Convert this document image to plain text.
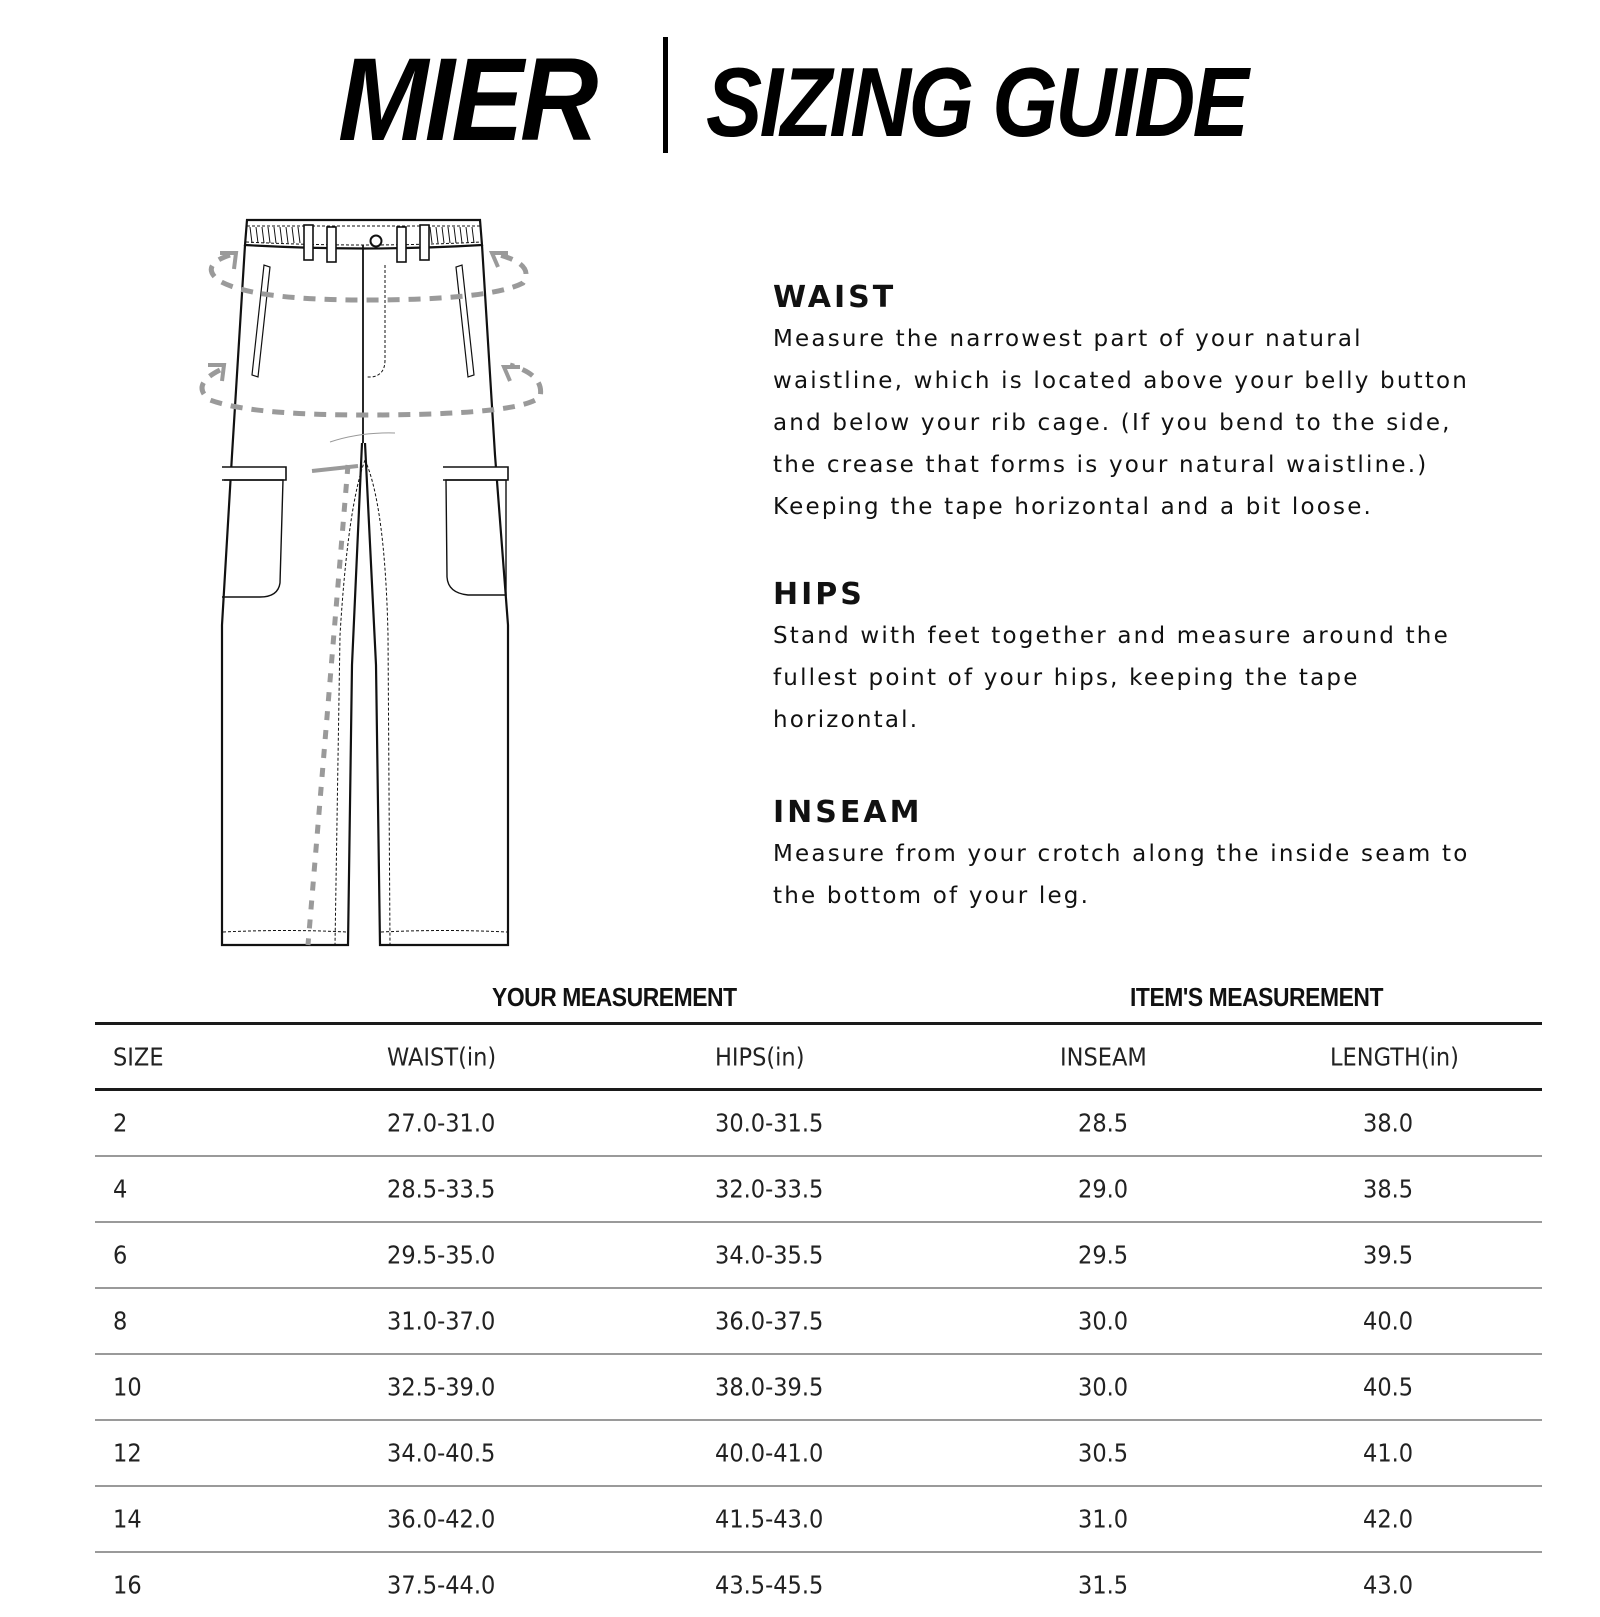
MIER SIZING GUIDE
WAIST

Measure the narrowest part of your natural

waistline, which is located above your belly button

and below your rib cage. (If you bend to the side,

the crease that forms is your natural waistline.)

Keeping the tape horizontal and a bit loose.

HIPS

Stand with feet together and measure around the

fullest point of your hips, keeping the tape

horizontal.

INSEAM

Measure from your crotch along the inside seam to

the bottom of your leg.

YOUR MEASUREMENT	ITEM'S MEASUREMENT
SIZE	WAIST(in)	HIPS(in)	INSEAM	LENGTH(in)
2	27.0-31.0	30.0-31.5	28.5	38.0
4	28.5-33.5	32.0-33.5	29.0	38.5
6	29.5-35.0	34.0-35.5	29.5	39.5
8	31.0-37.0	36.0-37.5	30.0	40.0
10	32.5-39.0	38.0-39.5	30.0	40.5
12	34.0-40.5	40.0-41.0	30.5	41.0
14	36.0-42.0	41.5-43.0	31.0	42.0
16	37.5-44.0	43.5-45.5	31.5	43.0
